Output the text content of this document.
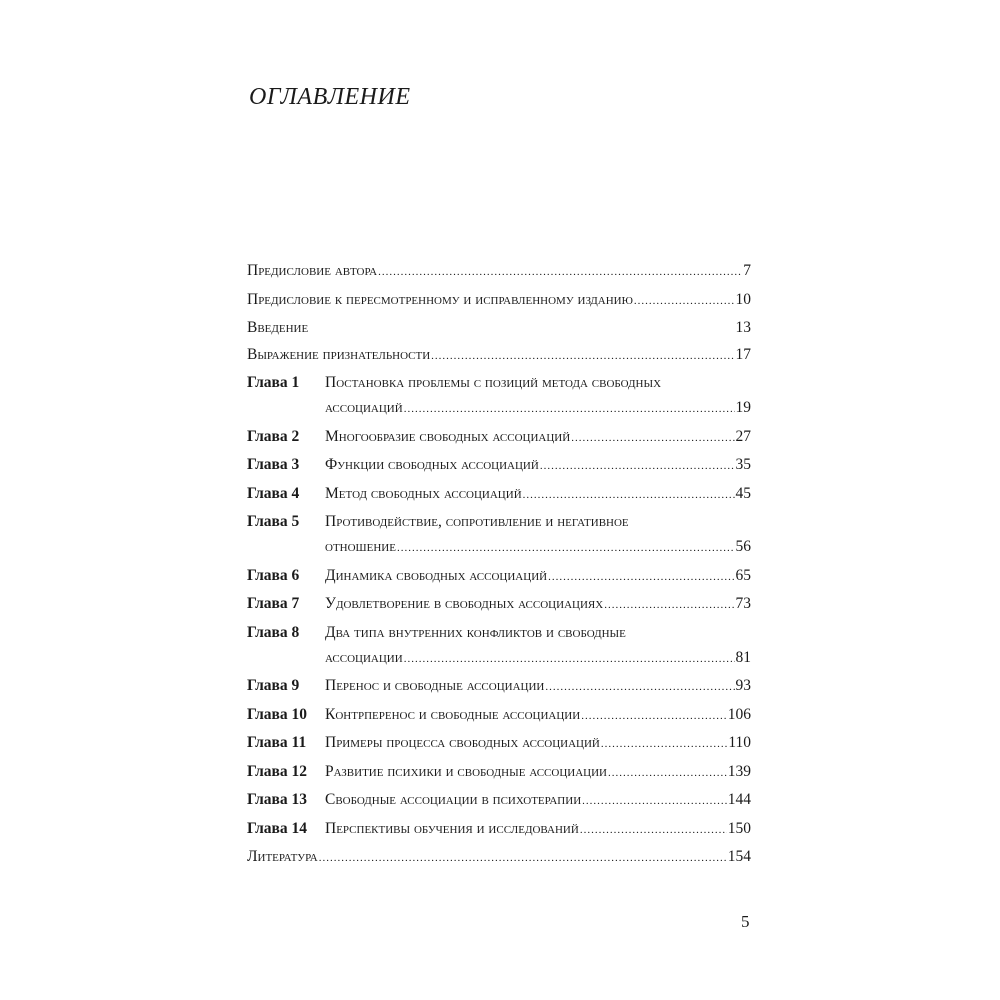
ОГЛАВЛЕНИЕ
Предисловие автора .....	7
Предисловие к пересмотренному и исправленному изданию .....	10
Введение	13
Выражение признательности .....	17
Глава 1	Постановка проблемы с позиций метода свободных
ассоциаций .....	19
Глава 2	Многообразие свободных ассоциаций .....	27
Глава 3	Функции свободных ассоциаций .....	35
Глава 4	Метод свободных ассоциаций .....	45
Глава 5	Противодействие, сопротивление и негативное
отношение .....	56
Глава 6	Динамика свободных ассоциаций .....	65
Глава 7	Удовлетворение в свободных ассоциациях .....	73
Глава 8	Два типа внутренних конфликтов и свободные
ассоциации .....	81
Глава 9	Перенос и свободные ассоциации .....	93
Глава 10	Контрперенос и свободные ассоциации .....	106
Глава 11	Примеры процесса свободных ассоциаций .....	110
Глава 12	Развитие психики и свободные ассоциации .....	139
Глава 13	Свободные ассоциации в психотерапии .....	144
Глава 14	Перспективы обучения и исследований .....	150
Литература .....	154
5
